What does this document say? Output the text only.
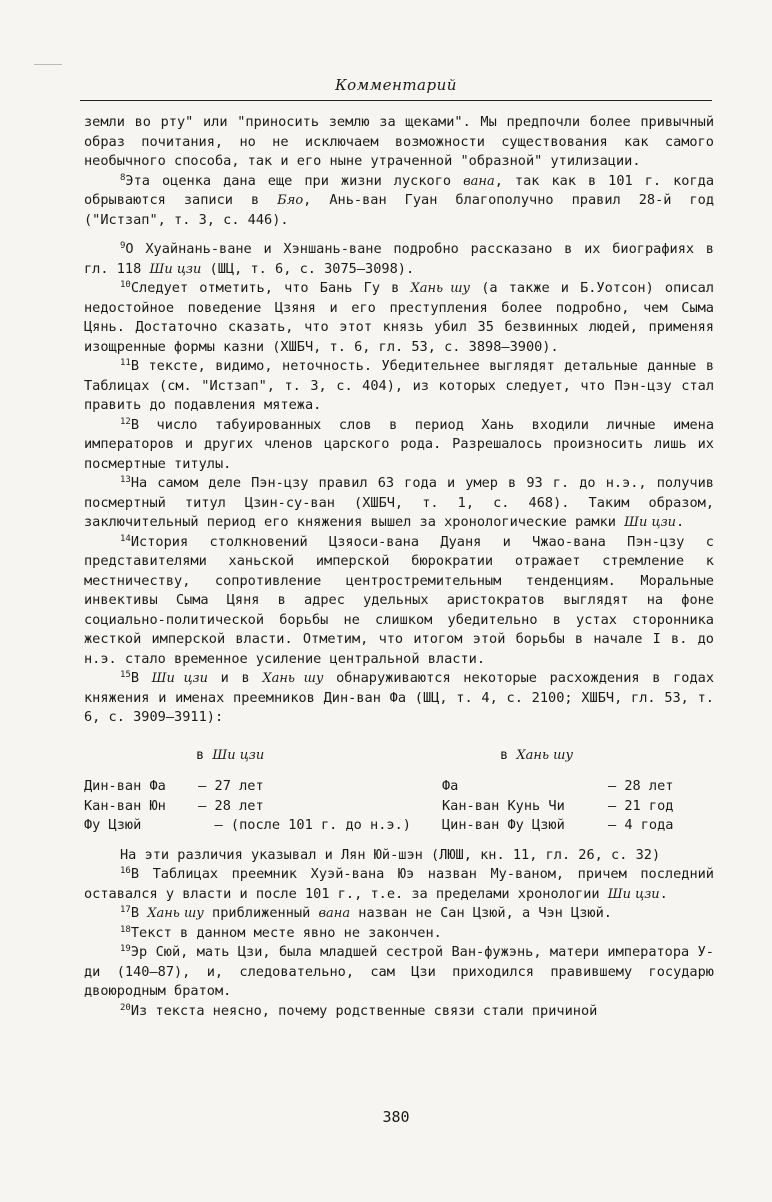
Комментарий

земли во рту" или "приносить землю за щеками". Мы предпочли более привычный образ почитания, но не исключаем возможности существования как самого необычного способа, так и его ныне утраченной "образной" утилизации.

$^8$Эта оценка дана еще при жизни луского вана, так как в 101 г. когда обрываются записи в Бяо, Ань-ван Гуан благополучно правил 28-й год ("Истзап", т. 3, с. 446).

$^9$О Хуайнань-ване и Хэншань-ване подробно рассказано в их биографиях в гл. 118 Ши цзи (ШЦ, т. 6, с. 3075–3098).

$^{10}$Следует отметить, что Бань Гу в Хань шу (а также и Б.Уотсон) описал недостойное поведение Цзяня и его преступления более подробно, чем Сыма Цянь. Достаточно сказать, что этот князь убил 35 безвинных людей, применяя изощренные формы казни (ХШБЧ, т. 6, гл. 53, с. 3898–3900).

$^{11}$В тексте, видимо, неточность. Убедительнее выглядят детальные данные в Таблицах (см. "Истзап", т. 3, с. 404), из которых следует, что Пэн-цзу стал править до подавления мятежа.

$^{12}$В число табуированных слов в период Хань входили личные имена императоров и других членов царского рода. Разрешалось произносить лишь их посмертные титулы.

$^{13}$На самом деле Пэн-цзу правил 63 года и умер в 93 г. до н.э., получив посмертный титул Цзин-су-ван (ХШБЧ, т. 1, с. 468). Таким образом, заключительный период его княжения вышел за хронологические рамки Ши цзи.

$^{14}$История столкновений Цзяоси-вана Дуаня и Чжао-вана Пэн-цзу с представителями ханьской имперской бюрократии отражает стремление к местничеству, сопротивление центростремительным тенденциям. Моральные инвективы Сыма Цяня в адрес удельных аристократов выглядят на фоне социально-политической борьбы не слишком убедительно в устах сторонника жесткой имперской власти. Отметим, что итогом этой борьбы в начале I в. до н.э. стало временное усиление центральной власти.

$^{15}$В Ши цзи и в Хань шу обнаруживаются некоторые расхождения в годах княжения и именах преемников Дин-ван Фа (ШЦ, т. 4, с. 2100; ХШБЧ, гл. 53, т. 6, с. 3909–3911):

в Ши цзи	в Хань шу
Дин-ван Фа	– 27 лет	Фа	– 28 лет
Кан-ван Юн	– 28 лет	Кан-ван Кунь Чи	– 21 год
Фу Цзюй	– (после 101 г. до н.э.)	Цин-ван Фу Цзюй	– 4 года

На эти различия указывал и Лян Юй-шэн (ЛЮШ, кн. 11, гл. 26, с. 32)

$^{16}$В Таблицах преемник Хуэй-вана Юэ назван Му-ваном, причем последний оставался у власти и после 101 г., т.е. за пределами хронологии Ши цзи.

$^{17}$В Хань шу приближенный вана назван не Сан Цзюй, а Чэн Цзюй.

$^{18}$Текст в данном месте явно не закончен.

$^{19}$Эр Сюй, мать Цзи, была младшей сестрой Ван-фужэнь, матери императора У-ди (140–87), и, следовательно, сам Цзи приходился правившему государю двоюродным братом.

$^{20}$Из текста неясно, почему родственные связи стали причиной

380
